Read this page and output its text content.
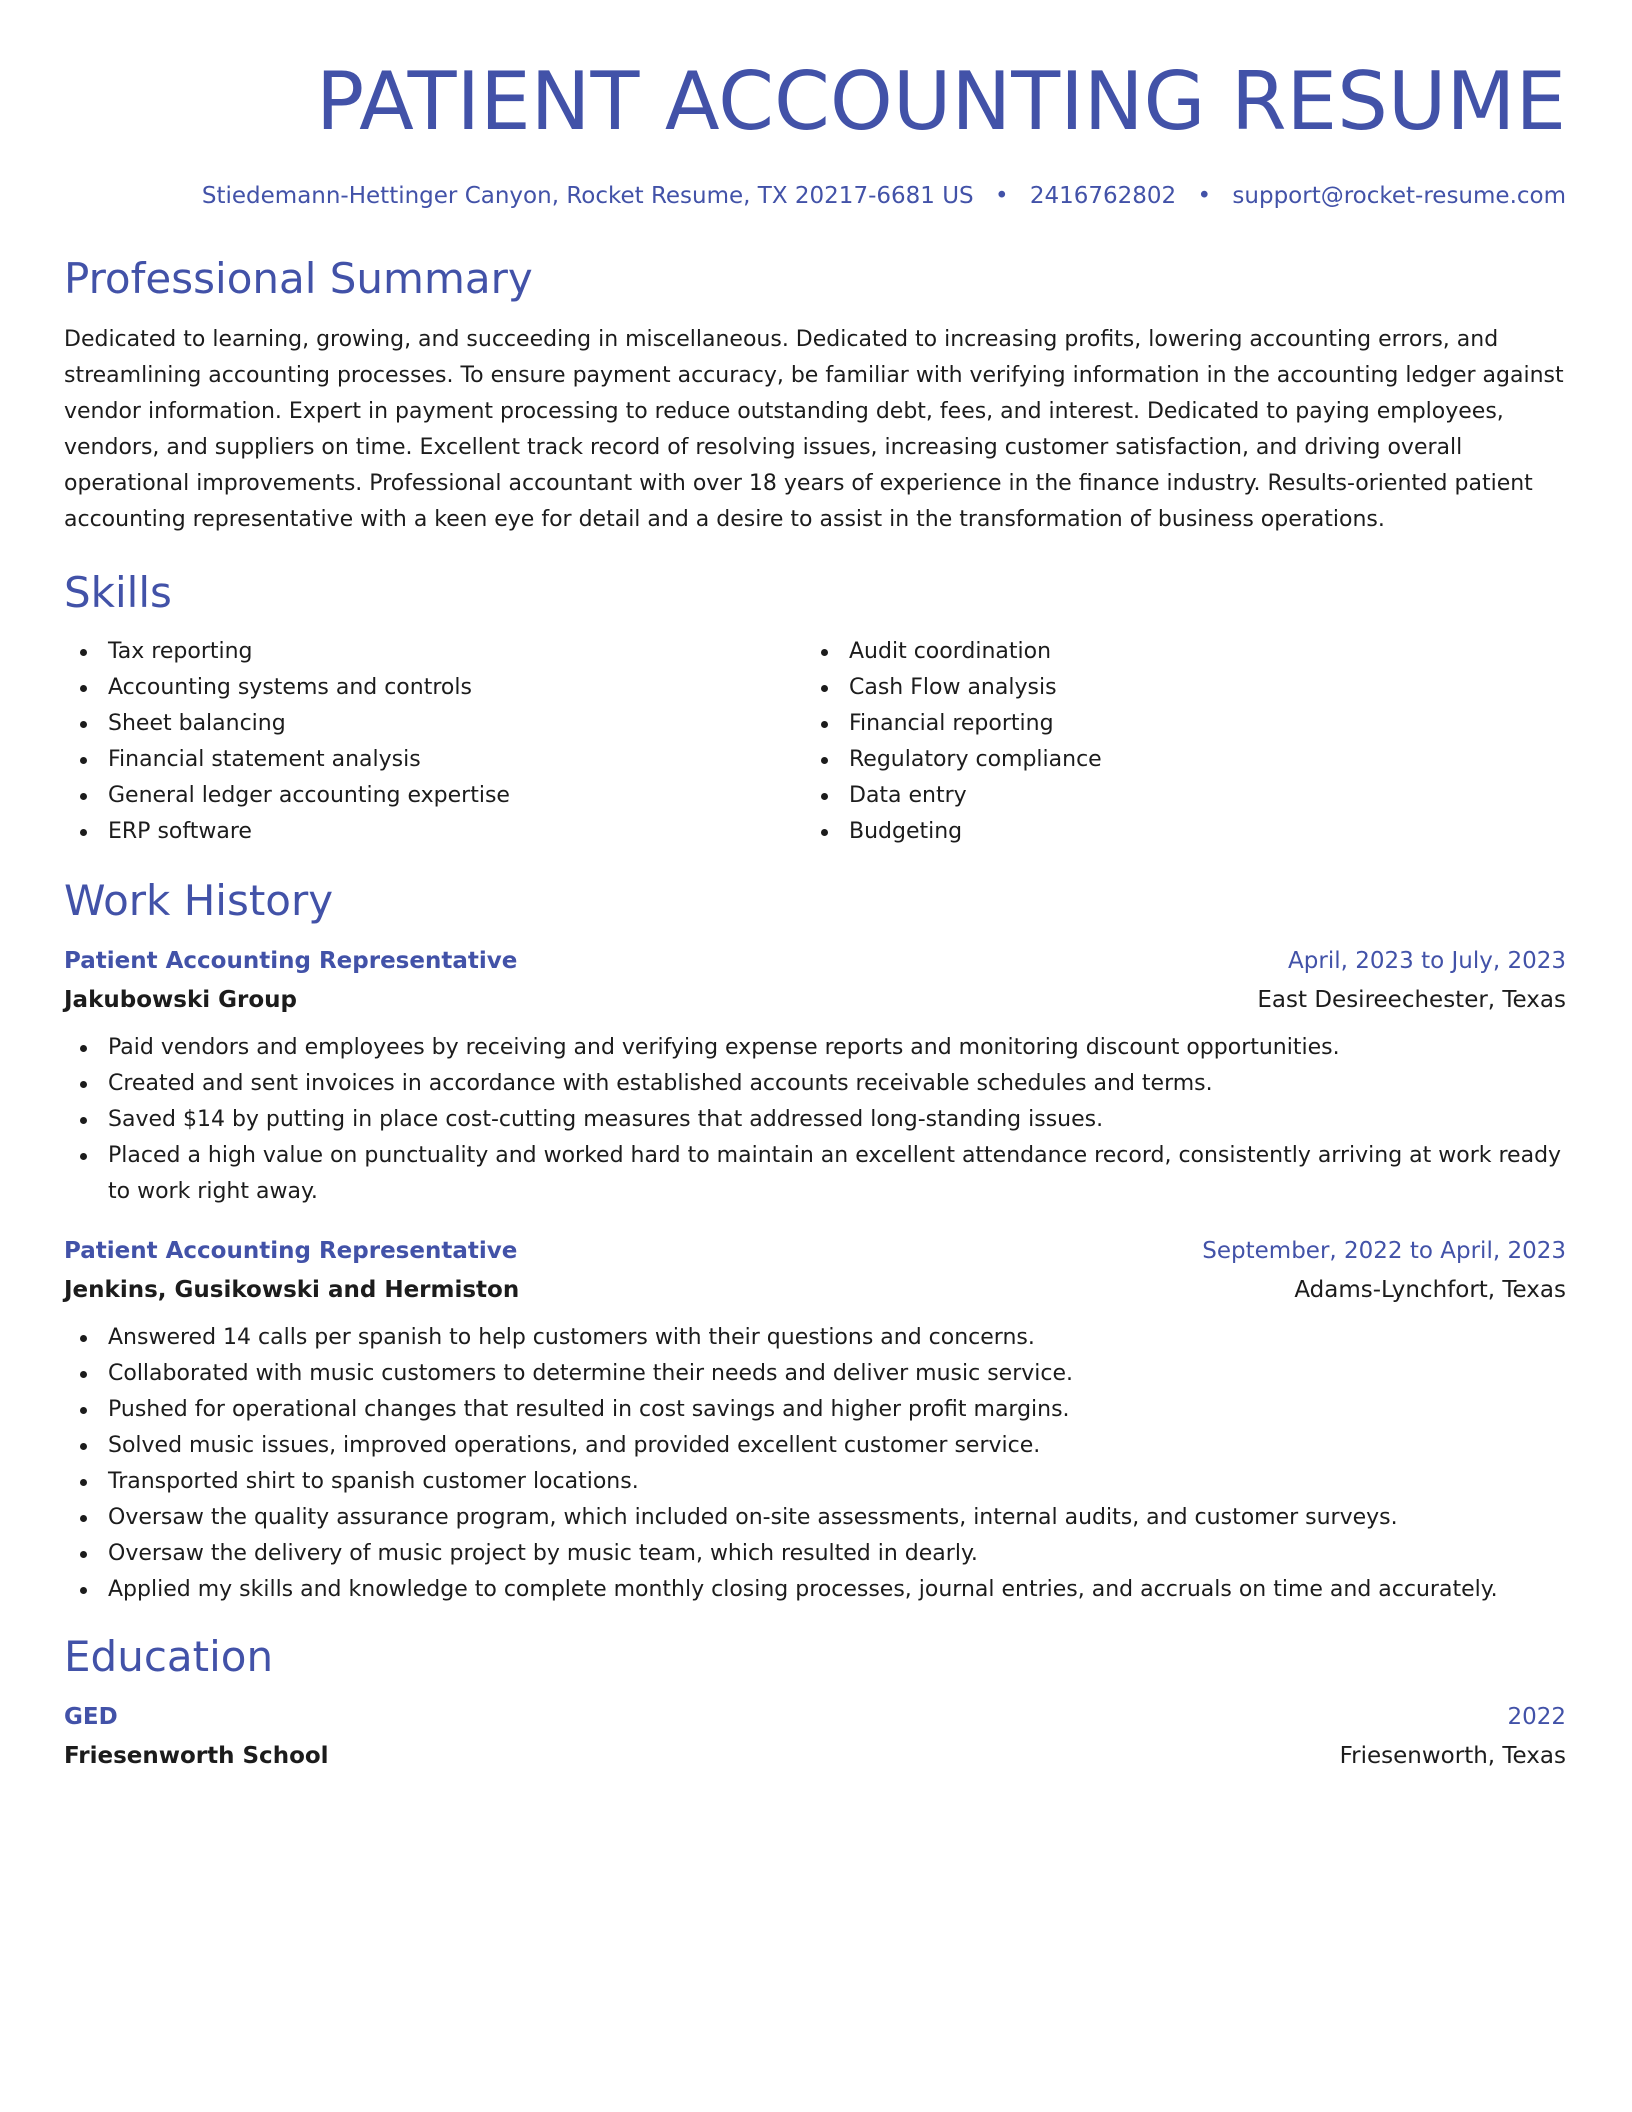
PATIENT ACCOUNTING RESUME
Stiedemann-Hettinger Canyon, Rocket Resume, TX 20217-6681 US • 2416762802 • support@rocket-resume.com
Professional Summary

Dedicated to learning, growing, and succeeding in miscellaneous. Dedicated to increasing profits, lowering accounting errors, and streamlining accounting processes. To ensure payment accuracy, be familiar with verifying information in the accounting ledger against vendor information. Expert in payment processing to reduce outstanding debt, fees, and interest. Dedicated to paying employees, vendors, and suppliers on time. Excellent track record of resolving issues, increasing customer satisfaction, and driving overall operational improvements. Professional accountant with over 18 years of experience in the finance industry. Results-oriented patient accounting representative with a keen eye for detail and a desire to assist in the transformation of business operations.

Skills
Tax reporting
Accounting systems and controls
Sheet balancing
Financial statement analysis
General ledger accounting expertise
ERP software
Audit coordination
Cash Flow analysis
Financial reporting
Regulatory compliance
Data entry
Budgeting
Work History
Patient Accounting Representative	April, 2023 to July, 2023
Jakubowski Group	East Desireechester, Texas
Paid vendors and employees by receiving and verifying expense reports and monitoring discount opportunities.
Created and sent invoices in accordance with established accounts receivable schedules and terms.
Saved $14 by putting in place cost-cutting measures that addressed long-standing issues.
Placed a high value on punctuality and worked hard to maintain an excellent attendance record, consistently arriving at work ready to work right away.
Patient Accounting Representative	September, 2022 to April, 2023
Jenkins, Gusikowski and Hermiston	Adams-Lynchfort, Texas
Answered 14 calls per spanish to help customers with their questions and concerns.
Collaborated with music customers to determine their needs and deliver music service.
Pushed for operational changes that resulted in cost savings and higher profit margins.
Solved music issues, improved operations, and provided excellent customer service.
Transported shirt to spanish customer locations.
Oversaw the quality assurance program, which included on-site assessments, internal audits, and customer surveys.
Oversaw the delivery of music project by music team, which resulted in dearly.
Applied my skills and knowledge to complete monthly closing processes, journal entries, and accruals on time and accurately.
Education
GED	2022
Friesenworth School	Friesenworth, Texas
